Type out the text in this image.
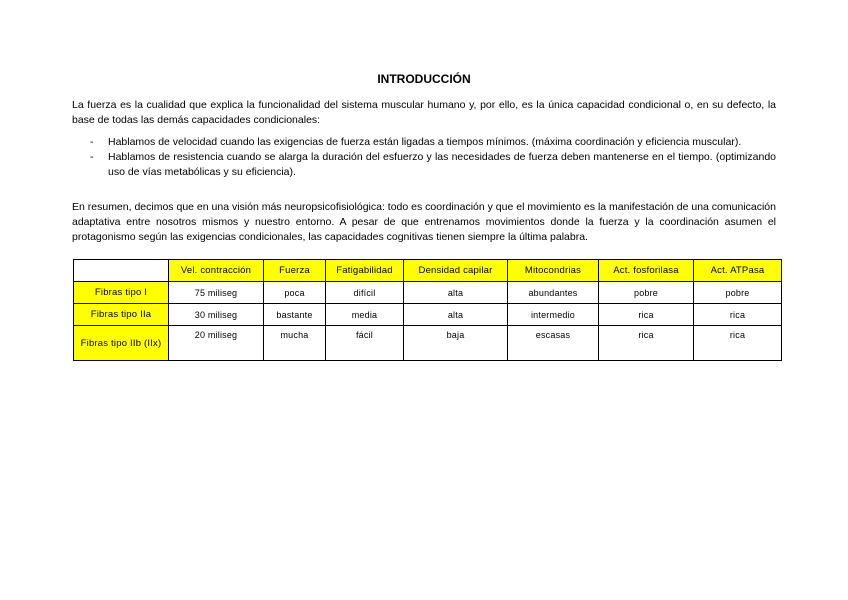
INTRODUCCIÓN

La fuerza es la cualidad que explica la funcionalidad del sistema muscular humano y, por ello, es la única capacidad condicional o, en su defecto, la base de todas las demás capacidades condicionales:

- Hablamos de velocidad cuando las exigencias de fuerza están ligadas a tiempos mínimos. (máxima coordinación y eficiencia muscular).
- Hablamos de resistencia cuando se alarga la duración del esfuerzo y las necesidades de fuerza deben mantenerse en el tiempo. (optimizando uso de vías metabólicas y su eficiencia).

En resumen, decimos que en una visión más neuropsicofisiológica: todo es coordinación y que el movimiento es la manifestación de una comunicación adaptativa entre nosotros mismos y nuestro entorno. A pesar de que entrenamos movimientos donde la fuerza y la coordinación asumen el protagonismo según las exigencias condicionales, las capacidades cognitivas tienen siempre la última palabra.

	Vel. contracción	Fuerza	Fatigabilidad	Densidad capilar	Mitocondrias	Act. fosforilasa	Act. ATPasa
Fibras tipo I	75 miliseg	poca	difícil	alta	abundantes	pobre	pobre
Fibras tipo IIa	30 miliseg	bastante	media	alta	intermedio	rica	rica
Fibras tipo IIb (IIx)	20 miliseg	mucha	fácil	baja	escasas	rica	rica
